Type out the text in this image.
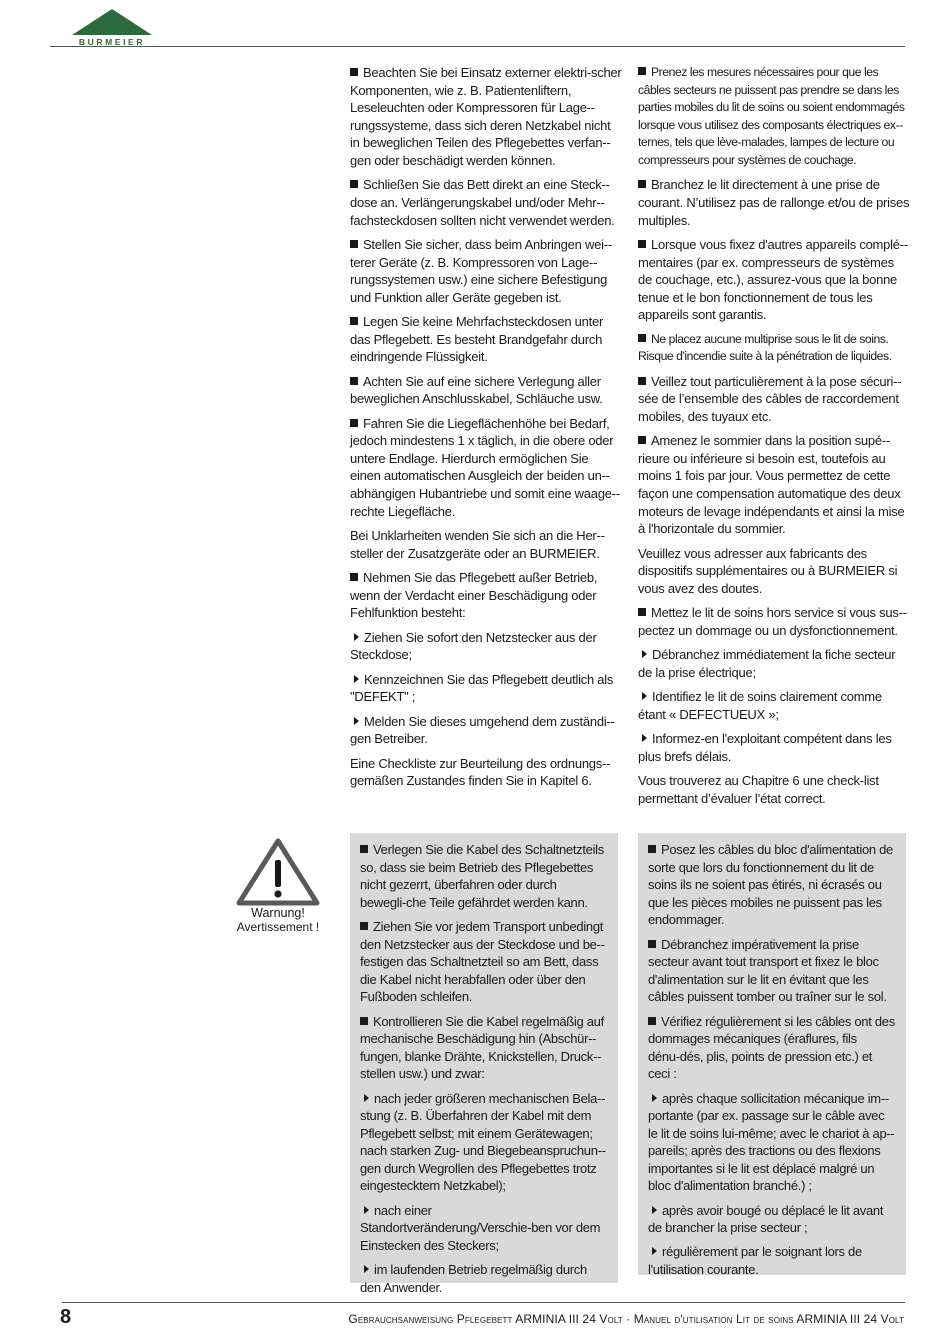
BURMEIER

Beachten Sie bei Einsatz externer elektri-scher Komponenten, wie z. B. Patientenliftern, Leseleuchten oder Kompressoren für Lage-rungssysteme, dass sich deren Netzkabel nicht in beweglichen Teilen des Pflegebettes verfan-gen oder beschädigt werden können.

Schließen Sie das Bett direkt an eine Steck-dose an. Verlängerungskabel und/oder Mehr-fachsteckdosen sollten nicht verwendet werden.

Stellen Sie sicher, dass beim Anbringen wei-terer Geräte (z. B. Kompressoren von Lage-rungssystemen usw.) eine sichere Befestigung und Funktion aller Geräte gegeben ist.

Legen Sie keine Mehrfachsteckdosen unter das Pflegebett. Es besteht Brandgefahr durch eindringende Flüssigkeit.

Achten Sie auf eine sichere Verlegung aller beweglichen Anschlusskabel, Schläuche usw.

Fahren Sie die Liegeflächenhöhe bei Bedarf, jedoch mindestens 1 x täglich, in die obere oder untere Endlage. Hierdurch ermöglichen Sie einen automatischen Ausgleich der beiden un-abhängigen Hubantriebe und somit eine waage-rechte Liegefläche.

Bei Unklarheiten wenden Sie sich an die Her-steller der Zusatzgeräte oder an BURMEIER.

Nehmen Sie das Pflegebett außer Betrieb, wenn der Verdacht einer Beschädigung oder Fehlfunktion besteht:

Ziehen Sie sofort den Netzstecker aus der Steckdose;

Kennzeichnen Sie das Pflegebett deutlich als "DEFEKT" ;

Melden Sie dieses umgehend dem zuständi-gen Betreiber.

Eine Checkliste zur Beurteilung des ordnungs-gemäßen Zustandes finden Sie in Kapitel 6.

Prenez les mesures nécessaires pour que les câbles secteurs ne puissent pas prendre se dans les parties mobiles du lit de soins ou soient endommagés lorsque vous utilisez des composants électriques ex-ternes, tels que lève-malades, lampes de lecture ou compresseurs pour systèmes de couchage.

Branchez le lit directement à une prise de courant. N’utilisez pas de rallonge et/ou de prises multiples.

Lorsque vous fixez d'autres appareils complé-mentaires (par ex. compresseurs de systèmes de couchage, etc.), assurez-vous que la bonne tenue et le bon fonctionnement de tous les appareils sont garantis.

Ne placez aucune multiprise sous le lit de soins. Risque d'incendie suite à la pénétration de liquides.

Veillez tout particulièrement à la pose sécuri-sée de l’ensemble des câbles de raccordement mobiles, des tuyaux etc.

Amenez le sommier dans la position supé-rieure ou inférieure si besoin est, toutefois au moins 1 fois par jour. Vous permettez de cette façon une compensation automatique des deux moteurs de levage indépendants et ainsi la mise à l'horizontale du sommier.

Veuillez vous adresser aux fabricants des dispositifs supplémentaires ou à BURMEIER si vous avez des doutes.

Mettez le lit de soins hors service si vous sus-pectez un dommage ou un dysfonctionnement.

Débranchez immédiatement la fiche secteur de la prise électrique;

Identifiez le lit de soins clairement comme étant « DEFECTUEUX »;

Informez-en l'exploitant compétent dans les plus brefs délais.

Vous trouverez au Chapitre 6 une check-list permettant d’évaluer l’état correct.

Warnung!
Avertissement !

Verlegen Sie die Kabel des Schaltnetzteils so, dass sie beim Betrieb des Pflegebettes nicht gezerrt, überfahren oder durch bewegli-che Teile gefährdet werden kann.

Ziehen Sie vor jedem Transport unbedingt den Netzstecker aus der Steckdose und be-festigen das Schaltnetzteil so am Bett, dass die Kabel nicht herabfallen oder über den Fußboden schleifen.

Kontrollieren Sie die Kabel regelmäßig auf mechanische Beschädigung hin (Abschür-fungen, blanke Drähte, Knickstellen, Druck-stellen usw.) und zwar:

nach jeder größeren mechanischen Bela-stung (z. B. Überfahren der Kabel mit dem Pflegebett selbst; mit einem Gerätewagen; nach starken Zug- und Biegebeanspruchun-gen durch Wegrollen des Pflegebettes trotz eingestecktem Netzkabel);

nach einer Standortveränderung/Verschie-ben vor dem Einstecken des Steckers;

im laufenden Betrieb regelmäßig durch den Anwender.

Posez les câbles du bloc d'alimentation de sorte que lors du fonctionnement du lit de soins ils ne soient pas étirés, ni écrasés ou que les pièces mobiles ne puissent pas les endommager.

Débranchez impérativement la prise secteur avant tout transport et fixez le bloc d'alimentation sur le lit en évitant que les câbles puissent tomber ou traîner sur le sol.

Vérifiez régulièrement si les câbles ont des dommages mécaniques (éraflures, fils dénu-dés, plis, points de pression etc.) et ceci :

après chaque sollicitation mécanique im-portante (par ex. passage sur le câble avec le lit de soins lui-même; avec le chariot à ap-pareils; après des tractions ou des flexions importantes si le lit est déplacé malgré un bloc d'alimentation branché.) ;

après avoir bougé ou déplacé le lit avant de brancher la prise secteur ;

régulièrement par le soignant lors de l'utilisation courante.

8	Gebrauchsanweisung Pflegebett ARMINIA III 24 Volt · Manuel d'utilisation Lit de soins ARMINIA III 24 Volt
